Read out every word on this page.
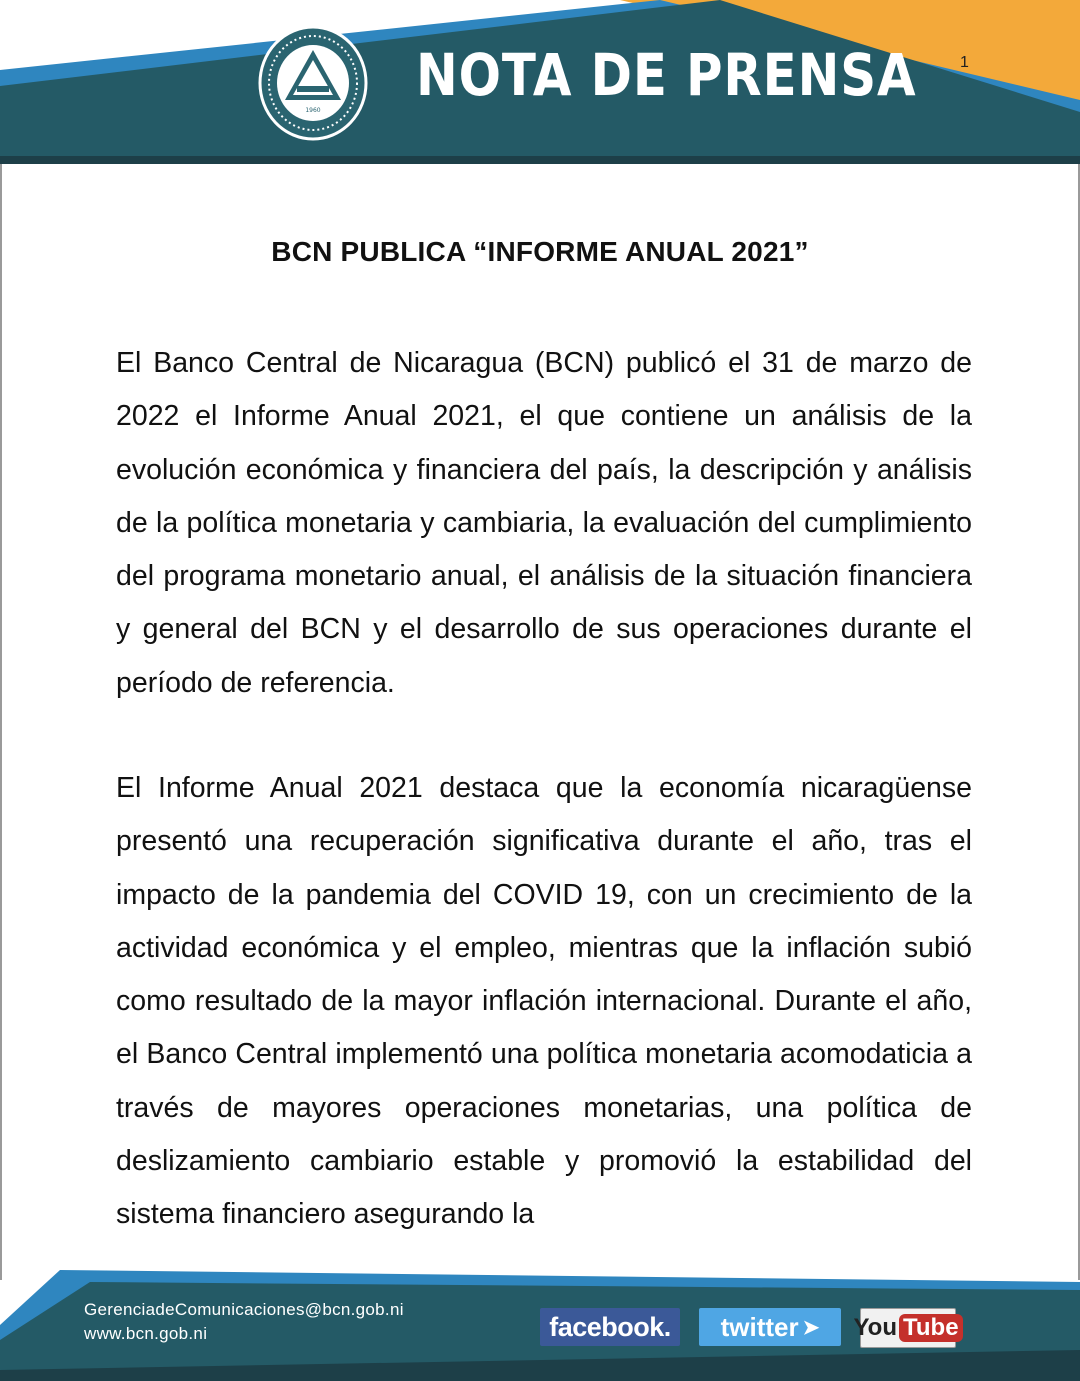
1960
NOTA DE PRENSA	1
BCN PUBLICA “INFORME ANUAL 2021”

El Banco Central de Nicaragua (BCN) publicó el 31 de marzo de 2022 el Informe Anual 2021, el que contiene un análisis de la evolución económica y financiera del país, la descripción y análisis de la política monetaria y cambiaria, la evaluación del cumplimiento del programa monetario anual, el análisis de la situación financiera y general del BCN y el desarrollo de sus operaciones durante el período de referencia.

El Informe Anual 2021 destaca que la economía nicaragüense presentó una recuperación significativa durante el año, tras el impacto de la pandemia del COVID 19, con un crecimiento de la actividad económica y el empleo, mientras que la inflación subió como resultado de la mayor inflación internacional. Durante el año, el Banco Central implementó una política monetaria acomodaticia a través de mayores operaciones monetarias, una política de deslizamiento cambiario estable y promovió la estabilidad del sistema financiero asegurando la

GerenciadeComunicaciones@bcn.gob.ni
www.bcn.gob.ni	facebook. twitter ➤ You Tube
